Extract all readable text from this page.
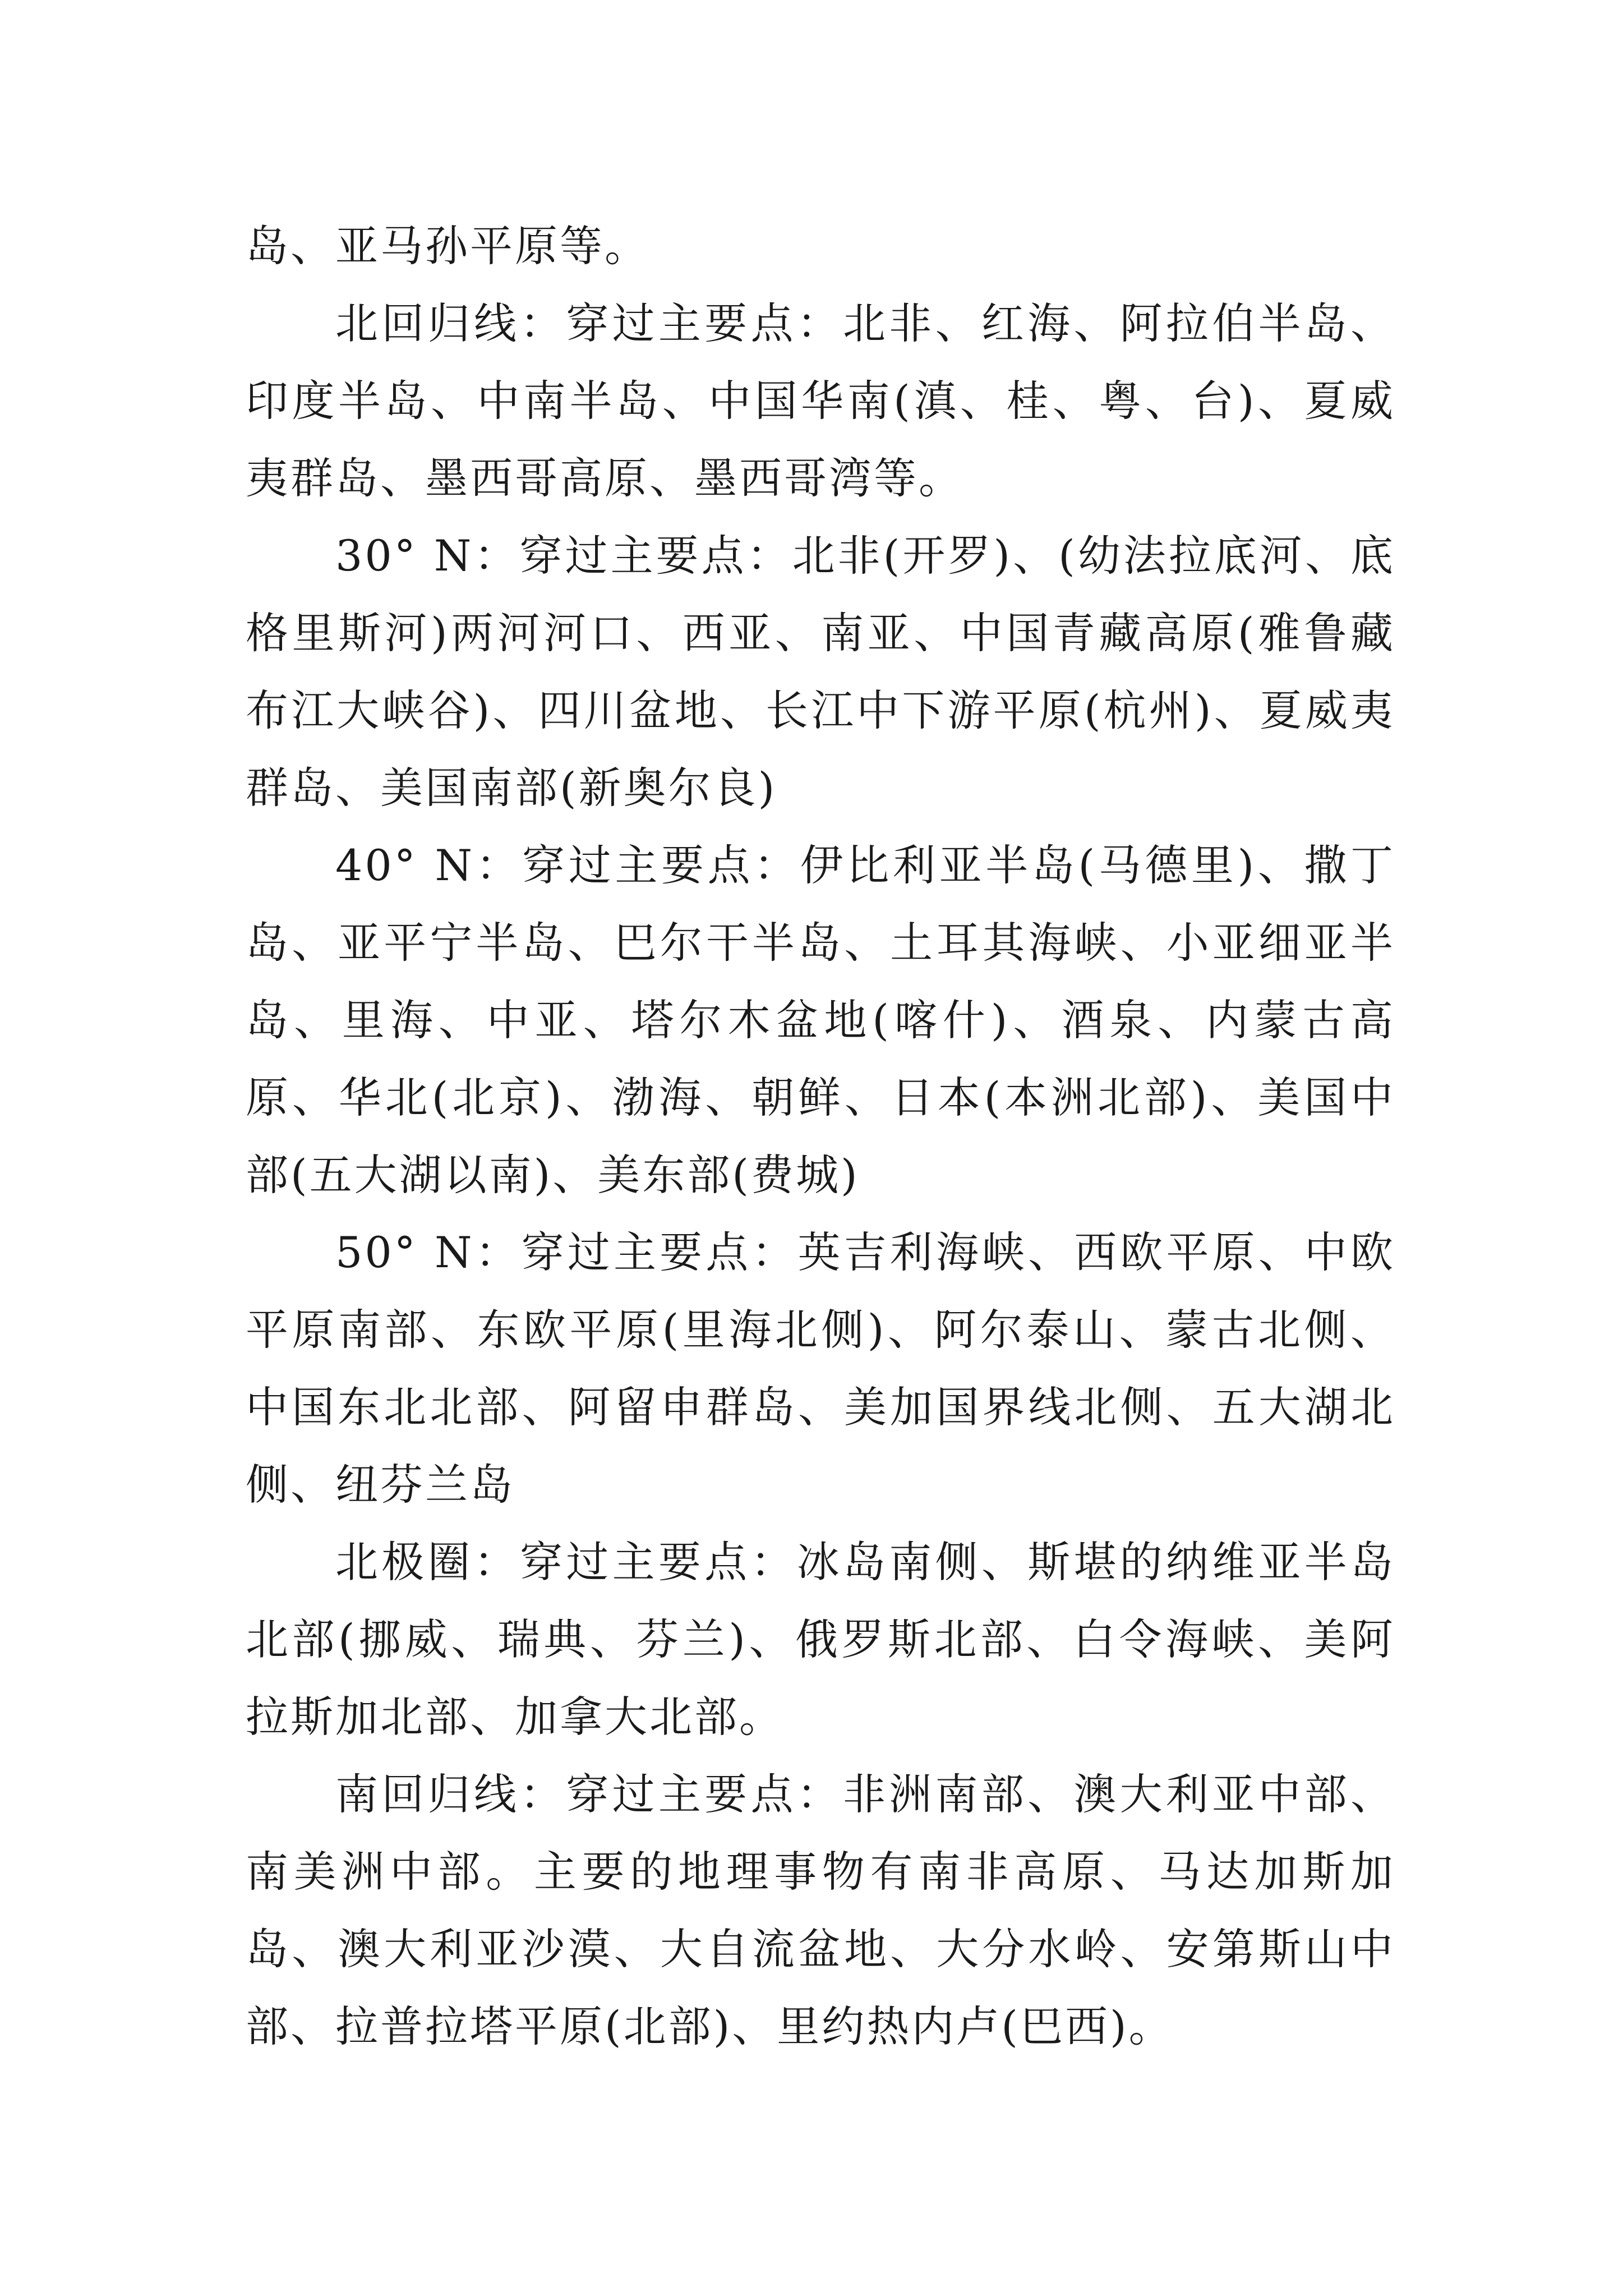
岛、亚马孙平原等。

北回归线：穿过主要点：北非、红海、阿拉伯半岛、印度半岛、中南半岛、中国华南(滇、桂、粤、台)、夏威夷群岛、墨西哥高原、墨西哥湾等。

30° N：穿过主要点：北非(开罗)、(幼法拉底河、底格里斯河)两河河口、西亚、南亚、中国青藏高原(雅鲁藏布江大峡谷)、四川盆地、长江中下游平原(杭州)、夏威夷群岛、美国南部(新奥尔良)

40° N：穿过主要点：伊比利亚半岛(马德里)、撒丁岛、亚平宁半岛、巴尔干半岛、土耳其海峡、小亚细亚半岛、里海、中亚、塔尔木盆地(喀什)、酒泉、内蒙古高原、华北(北京)、渤海、朝鲜、日本(本洲北部)、美国中部(五大湖以南)、美东部(费城)

50° N：穿过主要点：英吉利海峡、西欧平原、中欧平原南部、东欧平原(里海北侧)、阿尔泰山、蒙古北侧、中国东北北部、阿留申群岛、美加国界线北侧、五大湖北侧、纽芬兰岛

北极圈：穿过主要点：冰岛南侧、斯堪的纳维亚半岛北部(挪威、瑞典、芬兰)、俄罗斯北部、白令海峡、美阿拉斯加北部、加拿大北部。

南回归线：穿过主要点：非洲南部、澳大利亚中部、南美洲中部。主要的地理事物有南非高原、马达加斯加岛、澳大利亚沙漠、大自流盆地、大分水岭、安第斯山中部、拉普拉塔平原(北部)、里约热内卢(巴西)。
